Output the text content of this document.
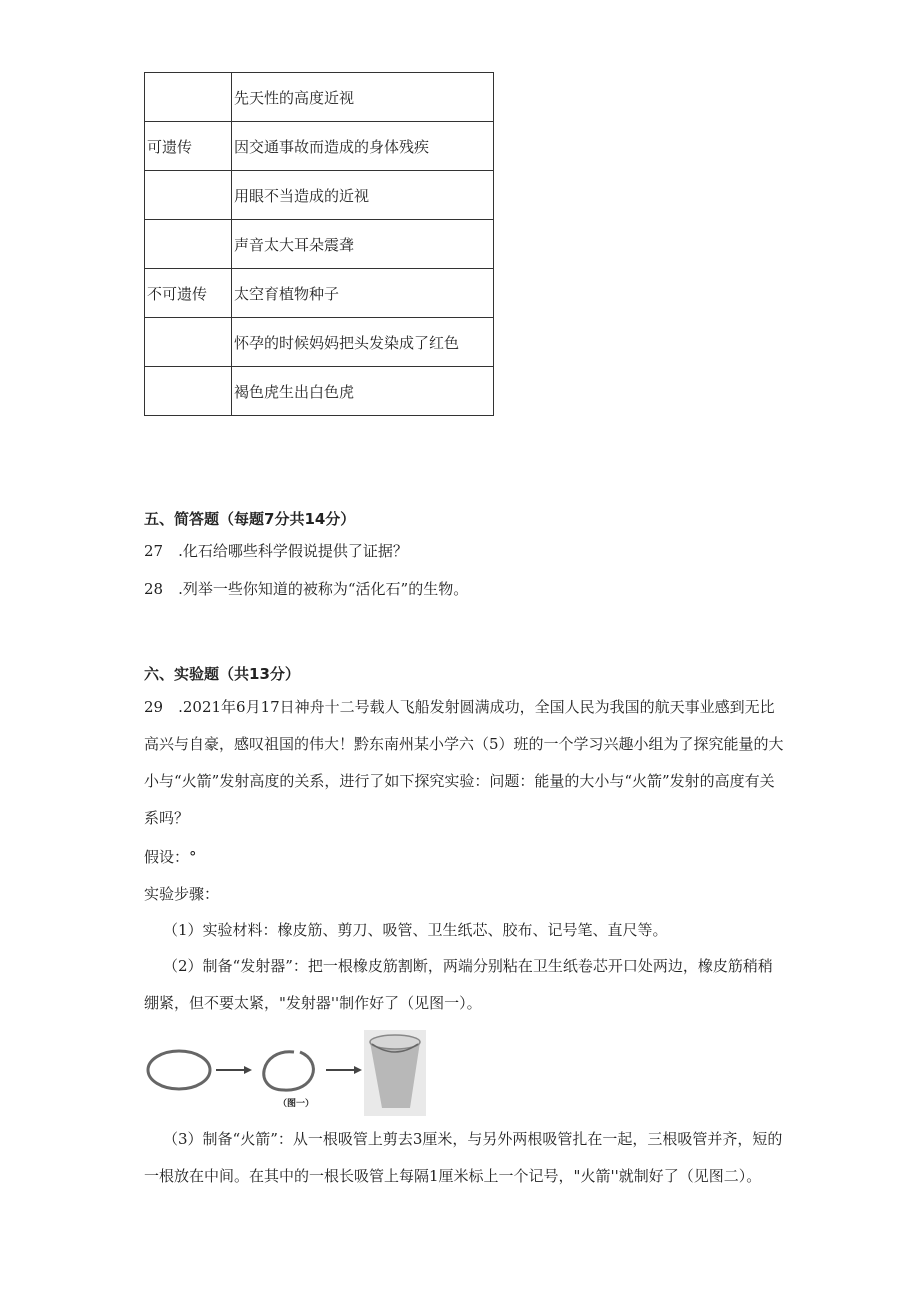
	先天性的高度近视
可遗传	因交通事故而造成的身体残疾
	用眼不当造成的近视
	声音太大耳朵震聋
不可遗传	太空育植物种子
	怀孕的时候妈妈把头发染成了红色
	褐色虎生出白色虎
五、简答题（每题7分共14分）
27　.化石给哪些科学假说提供了证据？
28　.列举一些你知道的被称为“活化石”的生物。
六、实验题（共13分）
29　.2021年6月17日神舟十二号载人飞船发射圆满成功，全国人民为我国的航天事业感到无比高兴与自豪，感叹祖国的伟大！黔东南州某小学六（5）班的一个学习兴趣小组为了探究能量的大小与“火箭”发射高度的关系，进行了如下探究实验：问题：能量的大小与“火箭”发射的高度有关系吗？
假设：°
实验步骤：
（1）实验材料：橡皮筋、剪刀、吸管、卫生纸芯、胶布、记号笔、直尺等。
（2）制备“发射器”：把一根橡皮筋割断，两端分别粘在卫生纸卷芯开口处两边，橡皮筋稍稍绷紧，但不要太紧，"发射器''制作好了（见图一）。
（图一）
（3）制备“火箭”：从一根吸管上剪去3厘米，与另外两根吸管扎在一起，三根吸管并齐，短的一根放在中间。在其中的一根长吸管上每隔1厘米标上一个记号，"火箭''就制好了（见图二）。
